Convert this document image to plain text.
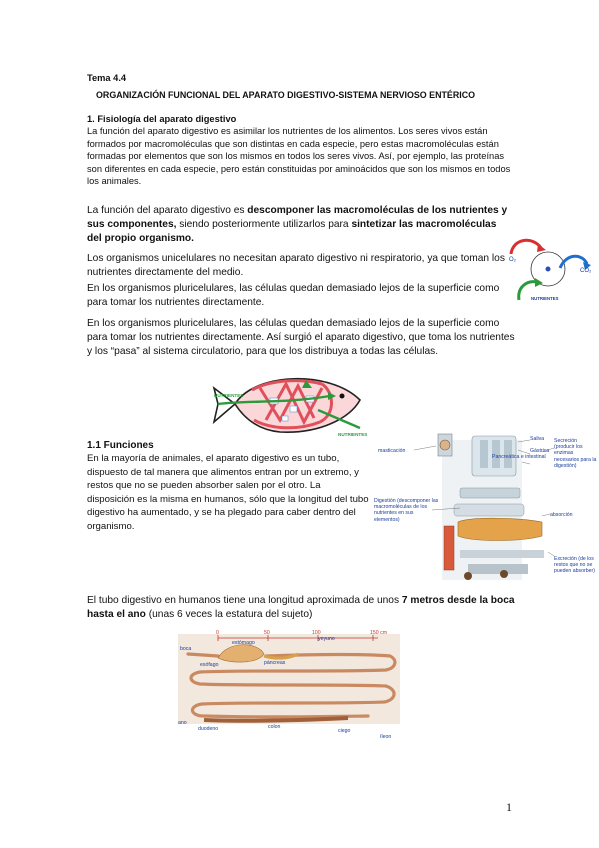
Tema 4.4

ORGANIZACIÓN FUNCIONAL DEL APARATO DIGESTIVO-SISTEMA NERVIOSO ENTÉRICO

1. Fisiología del aparato digestivo

La función del aparato digestivo es asimilar los nutrientes de los alimentos. Los seres vivos están formados por macromoléculas que son distintas en cada especie, pero estas macromoléculas están formadas por elementos que son los mismos en todos los seres vivos. Así, por ejemplo, las proteínas son diferentes en cada especie, pero están constituidas por aminoácidos que son los mismos en todos los animales.

La función del aparato digestivo es descomponer las macromoléculas de los nutrientes y sus componentes, siendo posteriormente utilizarlos para sintetizar las macromoléculas del propio organismo.

Los organismos unicelulares no necesitan aparato digestivo ni respiratorio, ya que toman los nutrientes directamente del medio.

En los organismos pluricelulares, las células quedan demasiado lejos de la superficie como para tomar los nutrientes directamente.

En los organismos pluricelulares, las células quedan demasiado lejos de la superficie como para tomar los nutrientes directamente. Así surgió el aparato digestivo, que toma los nutrientes y los “pasa” al sistema circulatorio, para que los distribuya a todas las células.

O₂
CO₂
NUTRIENTES
NUTRIENTES
NUTRIENTES

1.1 Funciones

En la mayoría de animales, el aparato digestivo es un tubo, dispuesto de tal manera que alimentos entran por un extremo, y restos que no se pueden absorber salen por el otro. La disposición es la misma en humanos, sólo que la longitud del tubo digestivo ha aumentado, y se ha plegado para caber dentro del organismo.

masticación
Saliva
Gástrica
Pancreática e intestinal
Secreción (producir los enzimas necesarios para la digestión)
Digestión (descomponer las macromoléculas de los nutrientes en sus elementos)
absorción
Excreción (de los restos que no se pueden absorber)

El tubo digestivo en humanos tiene una longitud aproximada de unos 7 metros desde la boca hasta el ano (unas 6 veces la estatura del sujeto)

0	50	100	150 cm
estómago
yeyuno
boca
esófago	páncreas
ano
duodeno	colon
ciego
íleon

1
